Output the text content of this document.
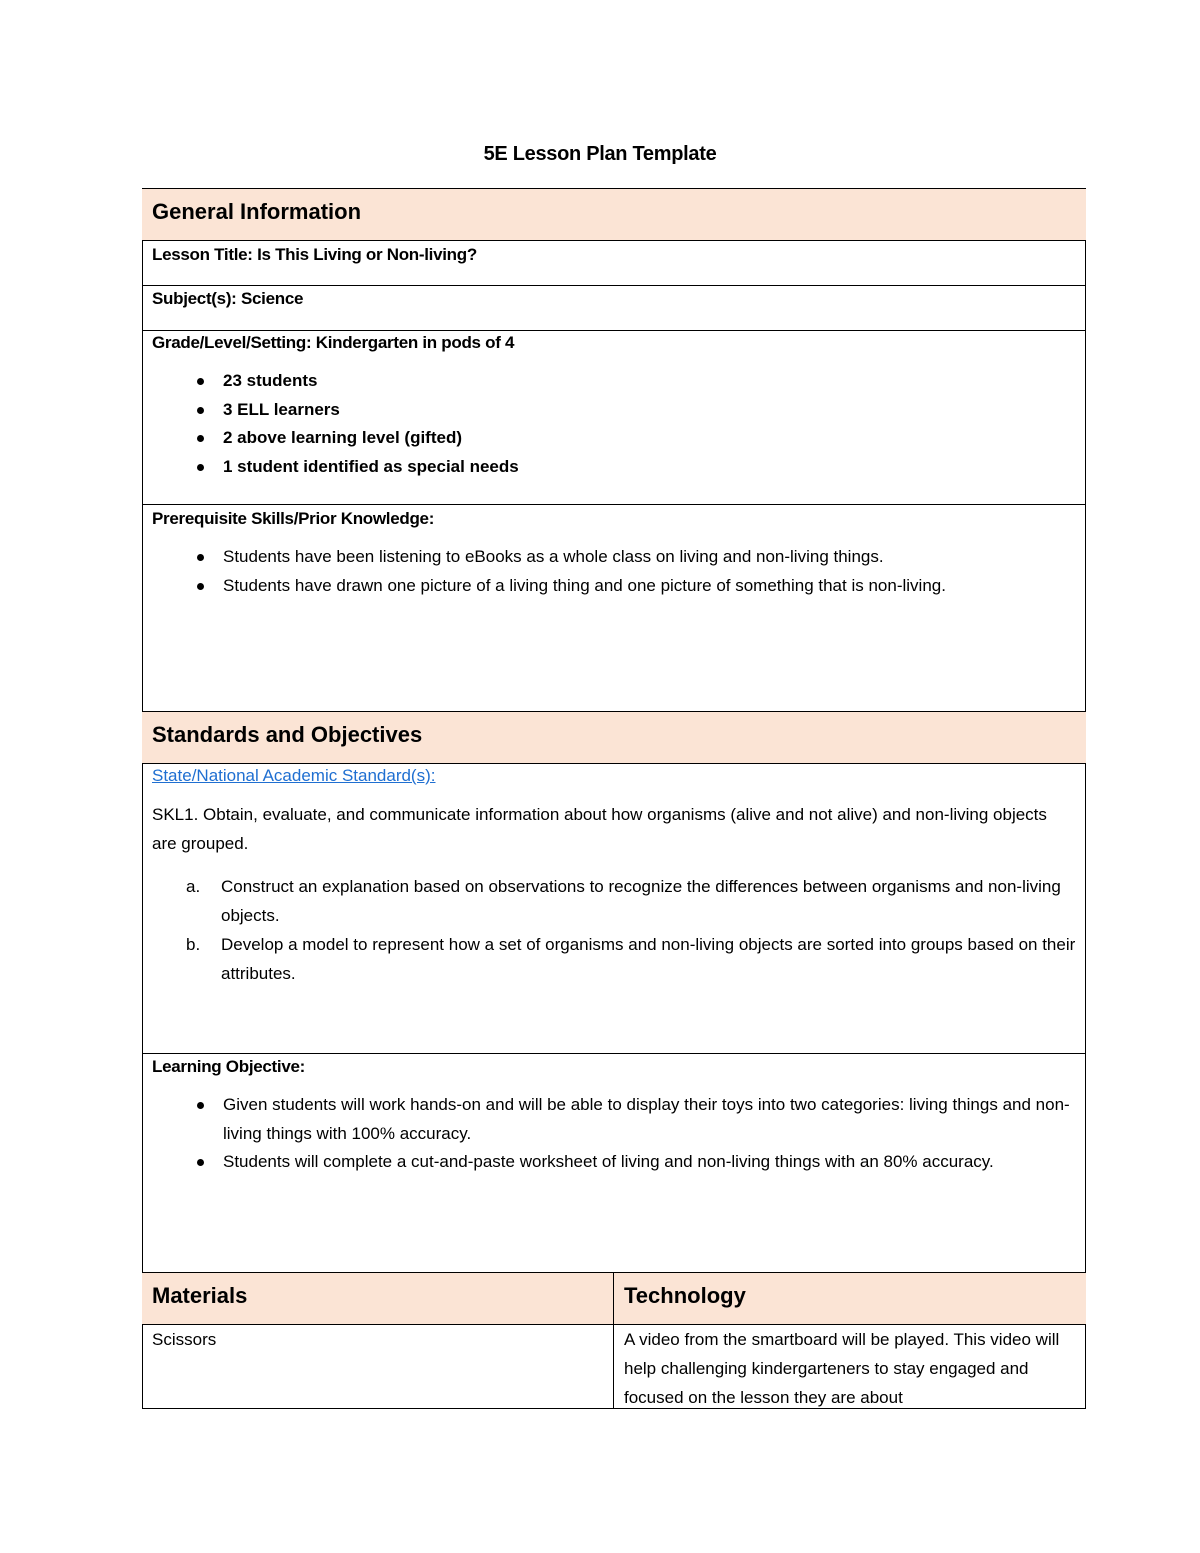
5E Lesson Plan Template
General Information
Lesson Title: Is This Living or Non-living?
Subject(s): Science
Grade/Level/Setting: Kindergarten in pods of 4
23 students
3 ELL learners
2 above learning level (gifted)
1 student identified as special needs
Prerequisite Skills/Prior Knowledge:
Students have been listening to eBooks as a whole class on living and non-living things.
Students have drawn one picture of a living thing and one picture of something that is non-living.
Standards and Objectives
State/National Academic Standard(s):
SKL1. Obtain, evaluate, and communicate information about how organisms (alive and not alive) and non-living objects are grouped.
a. Construct an explanation based on observations to recognize the differences between organisms and non-living objects.
b. Develop a model to represent how a set of organisms and non-living objects are sorted into groups based on their attributes.
Learning Objective:
Given students will work hands-on and will be able to display their toys into two categories: living things and non-living things with 100% accuracy.
Students will complete a cut-and-paste worksheet of living and non-living things with an 80% accuracy.
Materials	Technology
Scissors	A video from the smartboard will be played. This video will help challenging kindergarteners to stay engaged and focused on the lesson they are about
